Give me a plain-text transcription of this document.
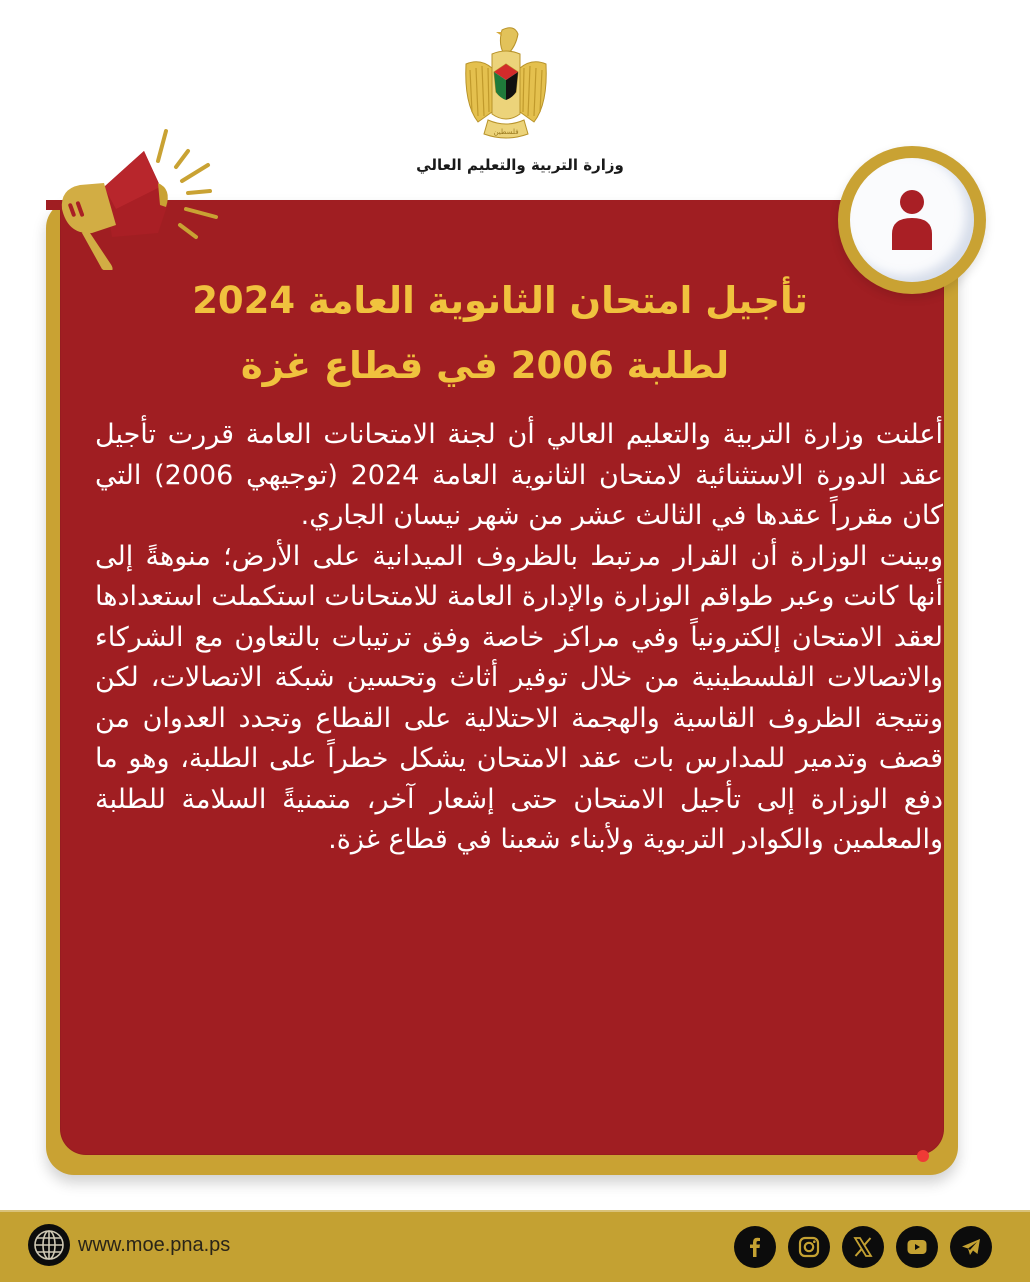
فلسطين
وزارة التربية والتعليم العالي
تأجيل امتحان الثانوية العامة 2024
لطلبة 2006 في قطاع غزة

أعلنت وزارة التربية والتعليم العالي أن لجنة الامتحانات العامة قررت تأجيل عقد الدورة الاستثنائية لامتحان الثانوية العامة 2024 (توجيهي 2006) التي كان مقرراً عقدها في الثالث عشر من شهر نيسان الجاري.

وبينت الوزارة أن القرار مرتبط بالظروف الميدانية على الأرض؛ منوهةً إلى أنها كانت وعبر طواقم الوزارة والإدارة العامة للامتحانات استكملت استعدادها لعقد الامتحان إلكترونياً وفي مراكز خاصة وفق ترتيبات بالتعاون مع الشركاء والاتصالات الفلسطينية من خلال توفير أثاث وتحسين شبكة الاتصالات، لكن ونتيجة الظروف القاسية والهجمة الاحتلالية على القطاع وتجدد العدوان من قصف وتدمير للمدارس بات عقد الامتحان يشكل خطراً على الطلبة، وهو ما دفع الوزارة إلى تأجيل الامتحان حتى إشعار آخر، متمنيةً السلامة للطلبة والمعلمين والكوادر التربوية ولأبناء شعبنا في قطاع غزة.

www.moe.pna.ps
